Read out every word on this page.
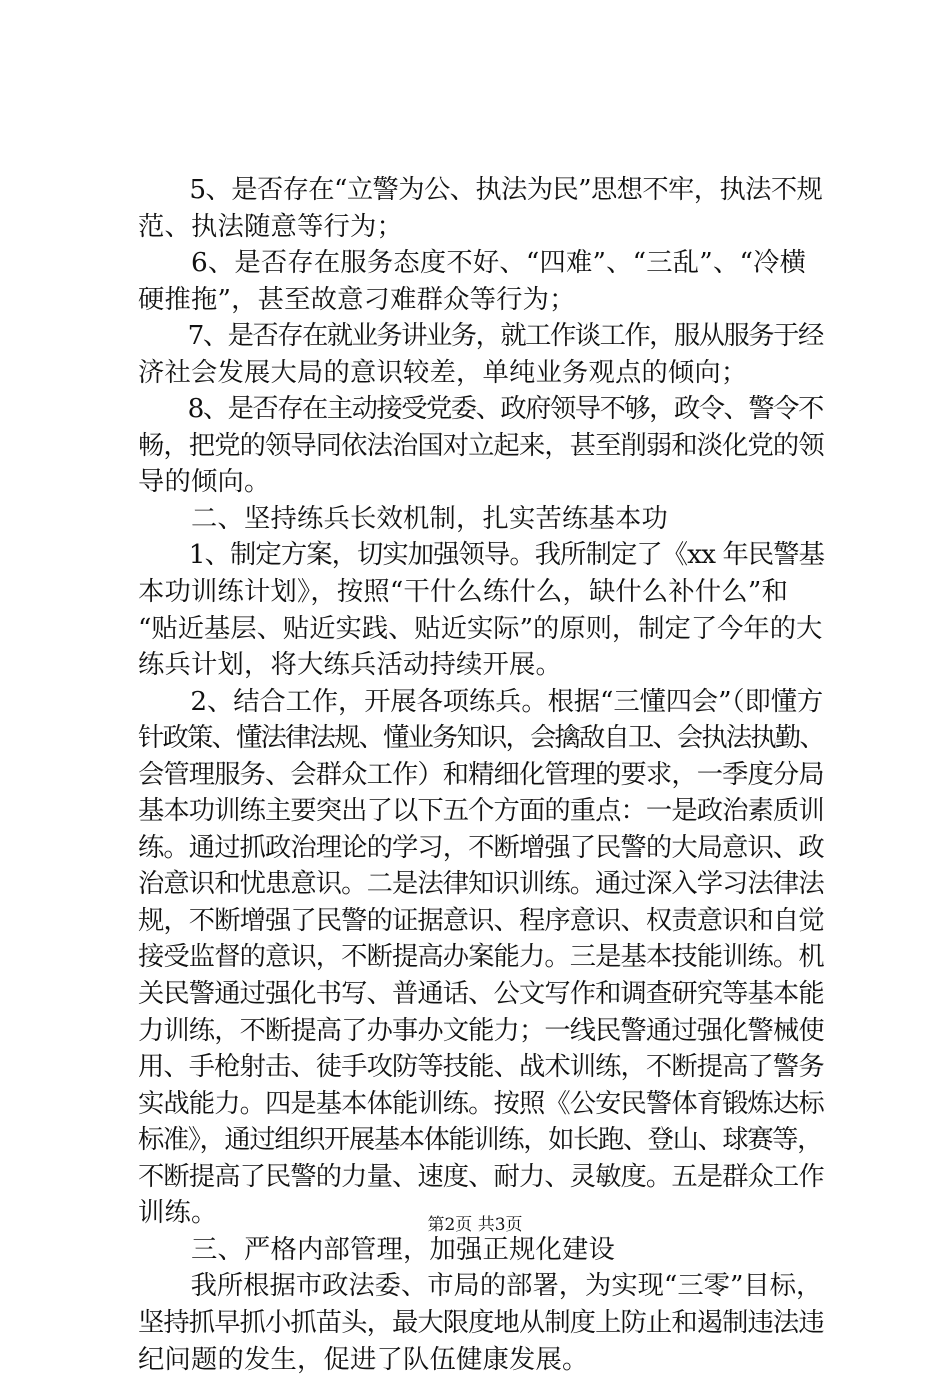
　　5、是否存在“立警为公、执法为民”思想不牢，执法不规
范、执法随意等行为；
　　6、是否存在服务态度不好、“四难”、“三乱”、“冷横
硬推拖”，甚至故意刁难群众等行为；
　　7、是否存在就业务讲业务，就工作谈工作，服从服务于经
济社会发展大局的意识较差，单纯业务观点的倾向；
　　8、是否存在主动接受党委、政府领导不够，政令、警令不
畅，把党的领导同依法治国对立起来，甚至削弱和淡化党的领
导的倾向。
　　二、坚持练兵长效机制，扎实苦练基本功
　　1、制定方案，切实加强领导。我所制定了《xx 年民警基
本功训练计划》，按照“干什么练什么，缺什么补什么”和
“贴近基层、贴近实践、贴近实际”的原则，制定了今年的大
练兵计划，将大练兵活动持续开展。
　　2、结合工作，开展各项练兵。根据“三懂四会”（即懂方
针政策、懂法律法规、懂业务知识，会擒敌自卫、会执法执勤、
会管理服务、会群众工作）和精细化管理的要求，一季度分局
基本功训练主要突出了以下五个方面的重点：一是政治素质训
练。通过抓政治理论的学习，不断增强了民警的大局意识、政
治意识和忧患意识。二是法律知识训练。通过深入学习法律法
规，不断增强了民警的证据意识、程序意识、权责意识和自觉
接受监督的意识，不断提高办案能力。三是基本技能训练。机
关民警通过强化书写、普通话、公文写作和调查研究等基本能
力训练，不断提高了办事办文能力；一线民警通过强化警械使
用、手枪射击、徒手攻防等技能、战术训练，不断提高了警务
实战能力。四是基本体能训练。按照《公安民警体育锻炼达标
标准》，通过组织开展基本体能训练，如长跑、登山、球赛等，
不断提高了民警的力量、速度、耐力、灵敏度。五是群众工作
训练。
　　三、严格内部管理，加强正规化建设
　　我所根据市政法委、市局的部署，为实现“三零”目标，
坚持抓早抓小抓苗头，最大限度地从制度上防止和遏制违法违
纪问题的发生，促进了队伍健康发展。
第2页 共3页
